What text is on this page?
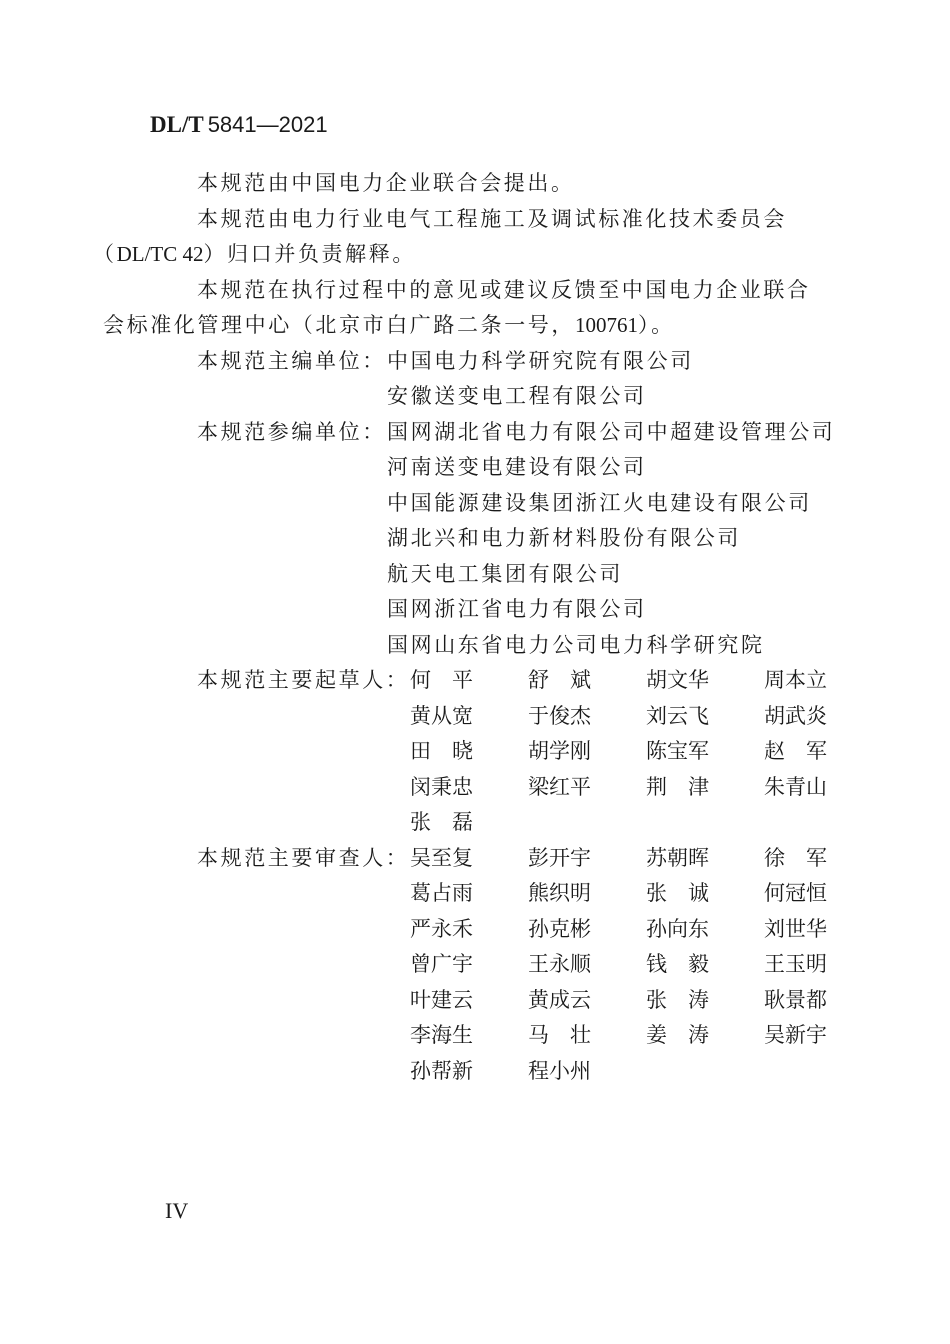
DL/T 5841—2021

本规范由中国电力企业联合会提出。

本规范由电力行业电气工程施工及调试标准化技术委员会
（DL/TC 42）归口并负责解释。

本规范在执行过程中的意见或建议反馈至中国电力企业联合
会标准化管理中心（北京市白广路二条一号，100761）。

本规范主编单位： 中国电力科学研究院有限公司
安徽送变电工程有限公司
本规范参编单位： 国网湖北省电力有限公司中超建设管理公司
河南送变电建设有限公司
中国能源建设集团浙江火电建设有限公司
湖北兴和电力新材料股份有限公司
航天电工集团有限公司
国网浙江省电力有限公司
国网山东省电力公司电力科学研究院
本规范主要起草人： 何　平	舒　斌	胡文华	周本立
黄从宽	于俊杰	刘云飞	胡武炎
田　晓	胡学刚	陈宝军	赵　军
闵秉忠	梁红平	荆　津	朱青山
张　磊
本规范主要审查人： 吴至复	彭开宇	苏朝晖	徐　军
葛占雨	熊织明	张　诚	何冠恒
严永禾	孙克彬	孙向东	刘世华
曾广宇	王永顺	钱　毅	王玉明
叶建云	黄成云	张　涛	耿景都
李海生	马　壮	姜　涛	吴新宇
孙帮新	程小州
IV
